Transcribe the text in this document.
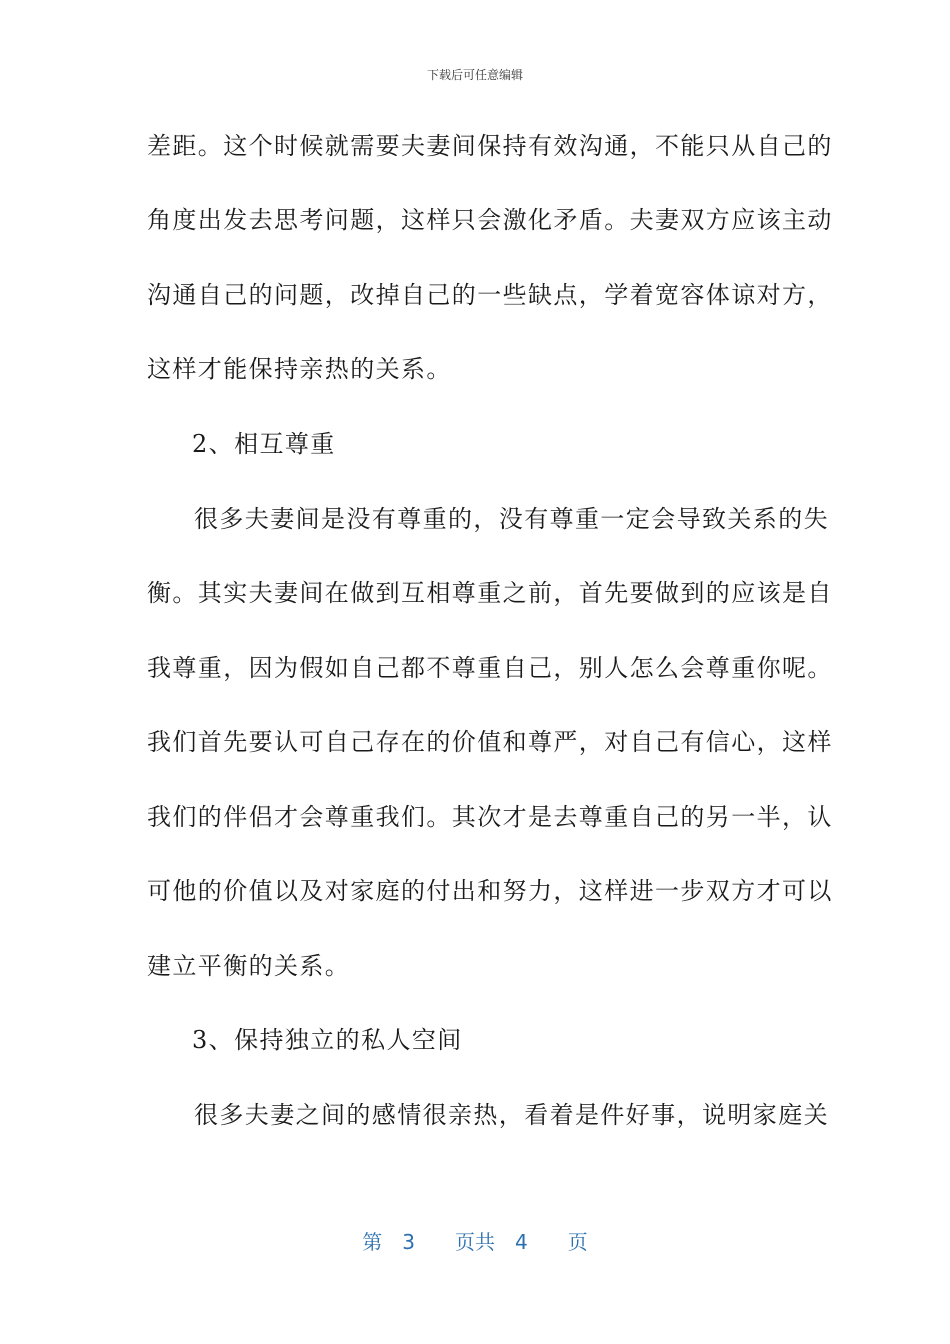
下载后可任意编辑
差距。这个时候就需要夫妻间保持有效沟通，不能只从自己的
角度出发去思考问题，这样只会激化矛盾。夫妻双方应该主动
沟通自己的问题，改掉自己的一些缺点，学着宽容体谅对方，
这样才能保持亲热的关系。
2、相互尊重
很多夫妻间是没有尊重的，没有尊重一定会导致关系的失
衡。其实夫妻间在做到互相尊重之前，首先要做到的应该是自
我尊重，因为假如自己都不尊重自己，别人怎么会尊重你呢。
我们首先要认可自己存在的价值和尊严，对自己有信心，这样
我们的伴侣才会尊重我们。其次才是去尊重自己的另一半，认
可他的价值以及对家庭的付出和努力，这样进一步双方才可以
建立平衡的关系。
3、保持独立的私人空间
很多夫妻之间的感情很亲热，看着是件好事，说明家庭关
第 3 页共 4 页
